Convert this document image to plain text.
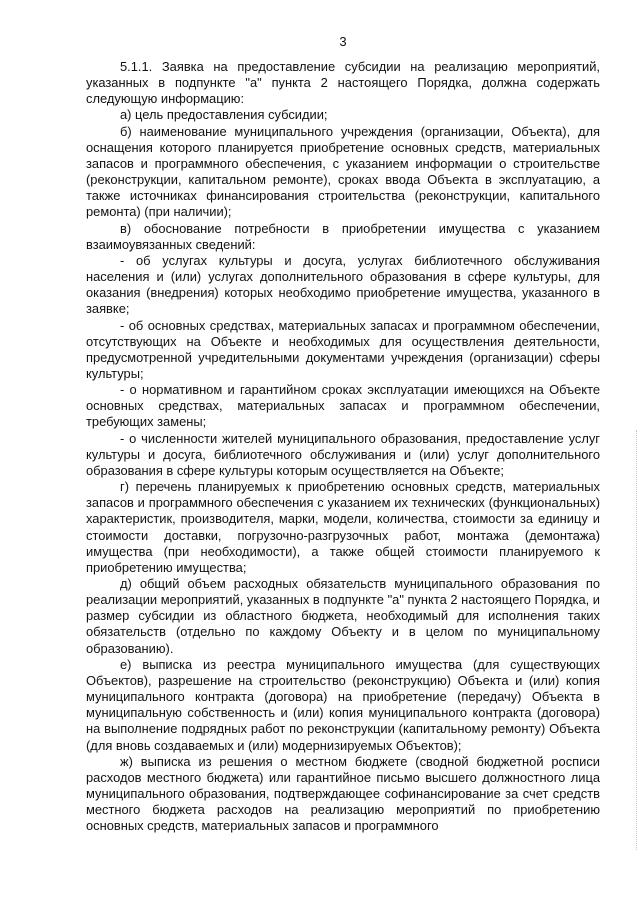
3

5.1.1. Заявка на предоставление субсидии на реализацию мероприятий, указанных в подпункте "а" пункта 2 настоящего Порядка, должна содержать следующую информацию:

а) цель предоставления субсидии;

б) наименование муниципального учреждения (организации, Объекта), для оснащения которого планируется приобретение основных средств, материальных запасов и программного обеспечения, с указанием информации о строительстве (реконструкции, капитальном ремонте), сроках ввода Объекта в эксплуатацию, а также источниках финансирования строительства (реконструкции, капитального ремонта) (при наличии);

в) обоснование потребности в приобретении имущества с указанием взаимоувязанных сведений:

- об услугах культуры и досуга, услугах библиотечного обслуживания населения и (или) услугах дополнительного образования в сфере культуры, для оказания (внедрения) которых необходимо приобретение имущества, указанного в заявке;

- об основных средствах, материальных запасах и программном обеспечении, отсутствующих на Объекте и необходимых для осуществления деятельности, предусмотренной учредительными документами учреждения (организации) сферы культуры;

- о нормативном и гарантийном сроках эксплуатации имеющихся на Объекте основных средствах, материальных запасах и программном обеспечении, требующих замены;

- о численности жителей муниципального образования, предоставление услуг культуры и досуга, библиотечного обслуживания и (или) услуг дополнительного образования в сфере культуры которым осуществляется на Объекте;

г) перечень планируемых к приобретению основных средств, материальных запасов и программного обеспечения с указанием их технических (функциональных) характеристик, производителя, марки, модели, количества, стоимости за единицу и стоимости доставки, погрузочно-разгрузочных работ, монтажа (демонтажа) имущества (при необходимости), а также общей стоимости планируемого к приобретению имущества;

д) общий объем расходных обязательств муниципального образования по реализации мероприятий, указанных в подпункте "а" пункта 2 настоящего Порядка, и размер субсидии из областного бюджета, необходимый для исполнения таких обязательств (отдельно по каждому Объекту и в целом по муниципальному образованию).

е) выписка из реестра муниципального имущества (для существующих Объектов), разрешение на строительство (реконструкцию) Объекта и (или) копия муниципального контракта (договора) на приобретение (передачу) Объекта в муниципальную собственность и (или) копия муниципального контракта (договора) на выполнение подрядных работ по реконструкции (капитальному ремонту) Объекта (для вновь создаваемых и (или) модернизируемых Объектов);

ж) выписка из решения о местном бюджете (сводной бюджетной росписи расходов местного бюджета) или гарантийное письмо высшего должностного лица муниципального образования, подтверждающее софинансирование за счет средств местного бюджета расходов на реализацию мероприятий по приобретению основных средств, материальных запасов и программного
